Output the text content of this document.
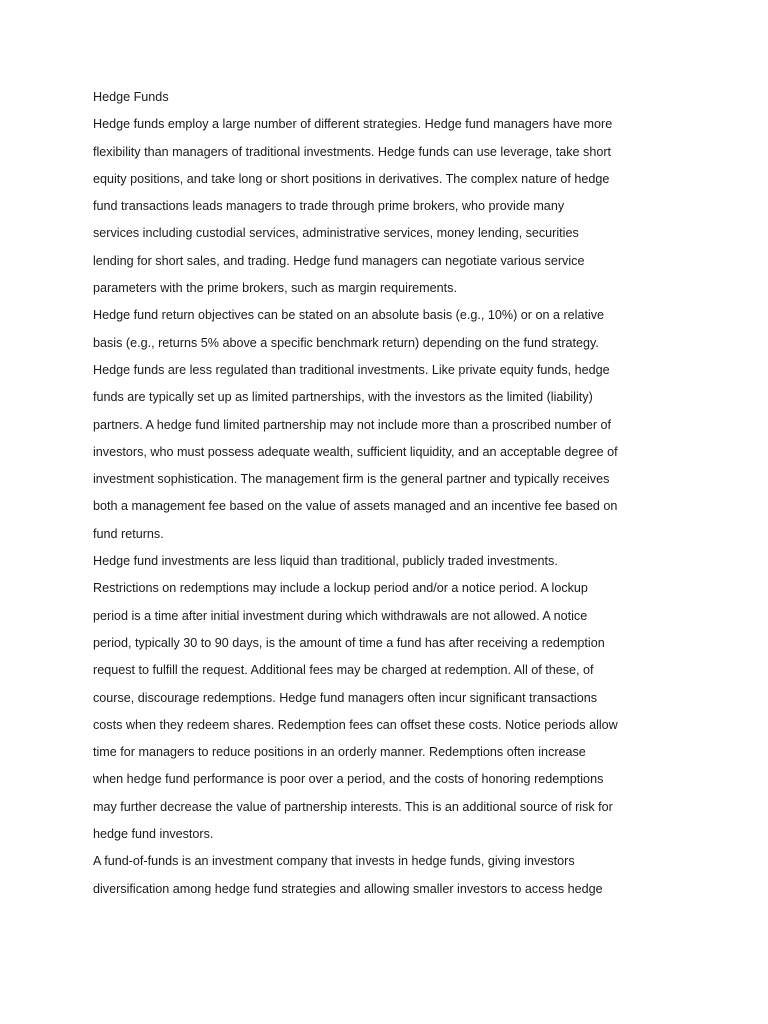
Hedge Funds
Hedge funds employ a large number of different strategies. Hedge fund managers have more
flexibility than managers of traditional investments. Hedge funds can use leverage, take short
equity positions, and take long or short positions in derivatives. The complex nature of hedge
fund transactions leads managers to trade through prime brokers, who provide many
services including custodial services, administrative services, money lending, securities
lending for short sales, and trading. Hedge fund managers can negotiate various service
parameters with the prime brokers, such as margin requirements.
Hedge fund return objectives can be stated on an absolute basis (e.g., 10%) or on a relative
basis (e.g., returns 5% above a specific benchmark return) depending on the fund strategy.
Hedge funds are less regulated than traditional investments. Like private equity funds, hedge
funds are typically set up as limited partnerships, with the investors as the limited (liability)
partners. A hedge fund limited partnership may not include more than a proscribed number of
investors, who must possess adequate wealth, sufficient liquidity, and an acceptable degree of
investment sophistication. The management firm is the general partner and typically receives
both a management fee based on the value of assets managed and an incentive fee based on
fund returns.
Hedge fund investments are less liquid than traditional, publicly traded investments.
Restrictions on redemptions may include a lockup period and/or a notice period. A lockup
period is a time after initial investment during which withdrawals are not allowed. A notice
period, typically 30 to 90 days, is the amount of time a fund has after receiving a redemption
request to fulfill the request. Additional fees may be charged at redemption. All of these, of
course, discourage redemptions. Hedge fund managers often incur significant transactions
costs when they redeem shares. Redemption fees can offset these costs. Notice periods allow
time for managers to reduce positions in an orderly manner. Redemptions often increase
when hedge fund performance is poor over a period, and the costs of honoring redemptions
may further decrease the value of partnership interests. This is an additional source of risk for
hedge fund investors.
A fund-of-funds is an investment company that invests in hedge funds, giving investors
diversification among hedge fund strategies and allowing smaller investors to access hedge
